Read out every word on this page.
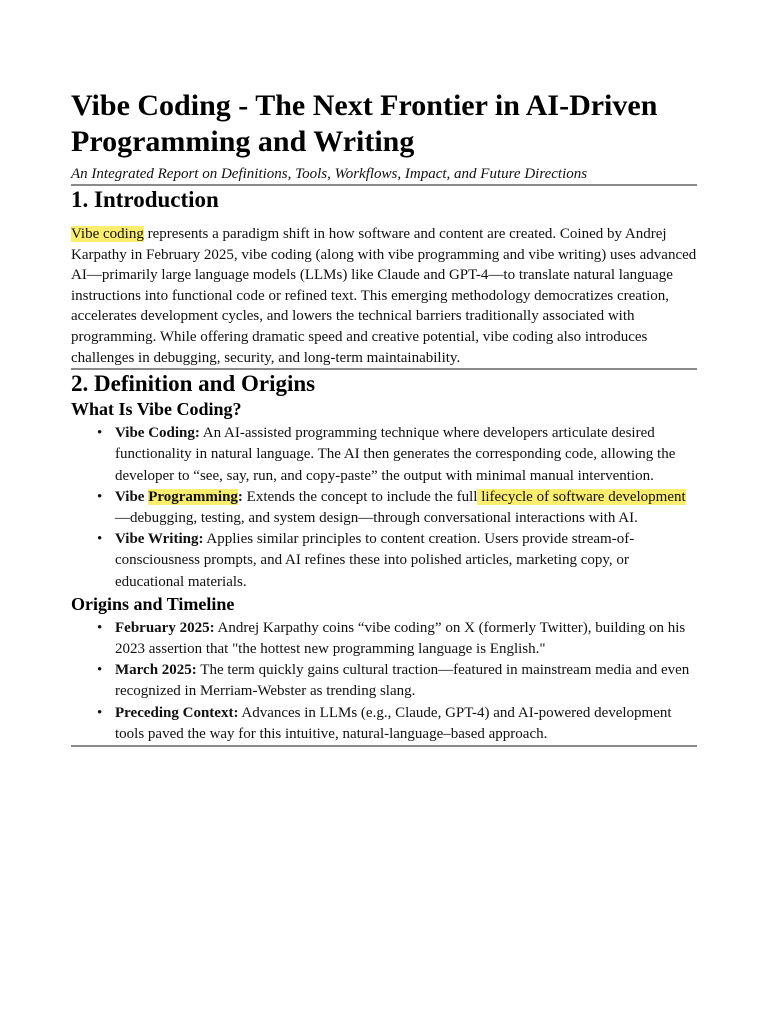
Vibe Coding - The Next Frontier in AI-Driven Programming and Writing

An Integrated Report on Definitions, Tools, Workflows, Impact, and Future Directions

1. Introduction

Vibe coding represents a paradigm shift in how software and content are created. Coined by Andrej Karpathy in February 2025, vibe coding (along with vibe programming and vibe writing) uses advanced AI—primarily large language models (LLMs) like Claude and GPT-4—to translate natural language instructions into functional code or refined text. This emerging methodology democratizes creation, accelerates development cycles, and lowers the technical barriers traditionally associated with programming. While offering dramatic speed and creative potential, vibe coding also introduces challenges in debugging, security, and long-term maintainability.

2. Definition and Origins
What Is Vibe Coding?
• Vibe Coding: An AI-assisted programming technique where developers articulate desired functionality in natural language. The AI then generates the corresponding code, allowing the developer to “see, say, run, and copy-paste” the output with minimal manual intervention.
• Vibe Programming: Extends the concept to include the full lifecycle of software development—debugging, testing, and system design—through conversational interactions with AI.
• Vibe Writing: Applies similar principles to content creation. Users provide stream-of-consciousness prompts, and AI refines these into polished articles, marketing copy, or educational materials.
Origins and Timeline
• February 2025: Andrej Karpathy coins “vibe coding” on X (formerly Twitter), building on his 2023 assertion that "the hottest new programming language is English."
• March 2025: The term quickly gains cultural traction—featured in mainstream media and even recognized in Merriam-Webster as trending slang.
• Preceding Context: Advances in LLMs (e.g., Claude, GPT-4) and AI-powered development tools paved the way for this intuitive, natural-language–based approach.
